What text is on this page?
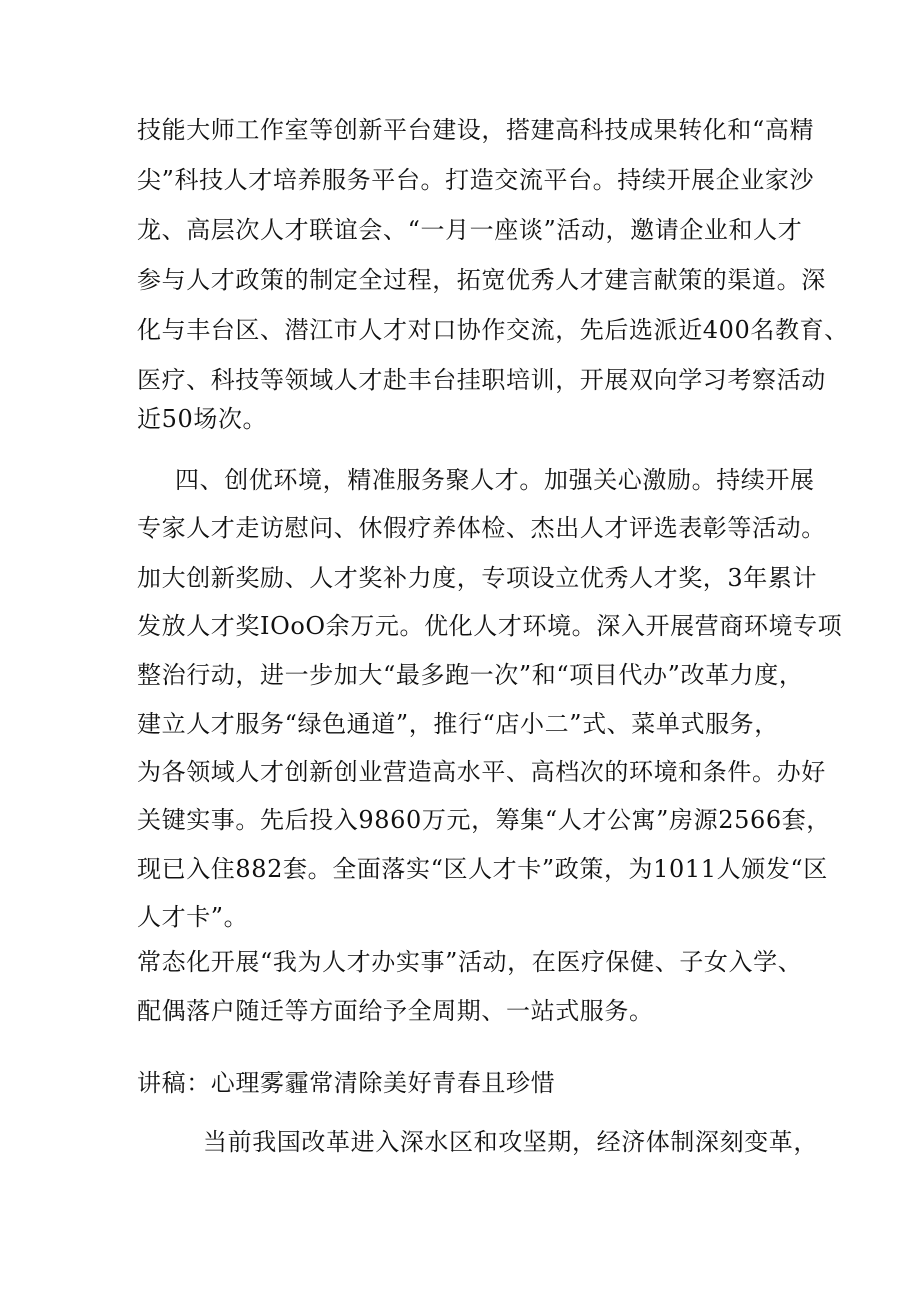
技能大师工作室等创新平台建设，搭建高科技成果转化和“高精
尖”科技人才培养服务平台。打造交流平台。持续开展企业家沙
龙、高层次人才联谊会、“一月一座谈”活动，邀请企业和人才
参与人才政策的制定全过程，拓宽优秀人才建言献策的渠道。深
化与丰台区、潜江市人才对口协作交流，先后选派近400名教育、
医疗、科技等领域人才赴丰台挂职培训，开展双向学习考察活动
近50场次。
四、创优环境，精准服务聚人才。加强关心激励。持续开展
专家人才走访慰问、休假疗养体检、杰出人才评选表彰等活动。
加大创新奖励、人才奖补力度，专项设立优秀人才奖，3年累计
发放人才奖IOoO余万元。优化人才环境。深入开展营商环境专项
整治行动，进一步加大“最多跑一次”和“项目代办”改革力度，
建立人才服务“绿色通道”，推行“店小二”式、菜单式服务，
为各领域人才创新创业营造高水平、高档次的环境和条件。办好
关键实事。先后投入9860万元，筹集“人才公寓”房源2566套，
现已入住882套。全面落实“区人才卡”政策，为1011人颁发“区
人才卡”。
常态化开展“我为人才办实事”活动，在医疗保健、子女入学、
配偶落户随迁等方面给予全周期、一站式服务。
讲稿：心理雾霾常清除美好青春且珍惜
当前我国改革进入深水区和攻坚期，经济体制深刻变革，
